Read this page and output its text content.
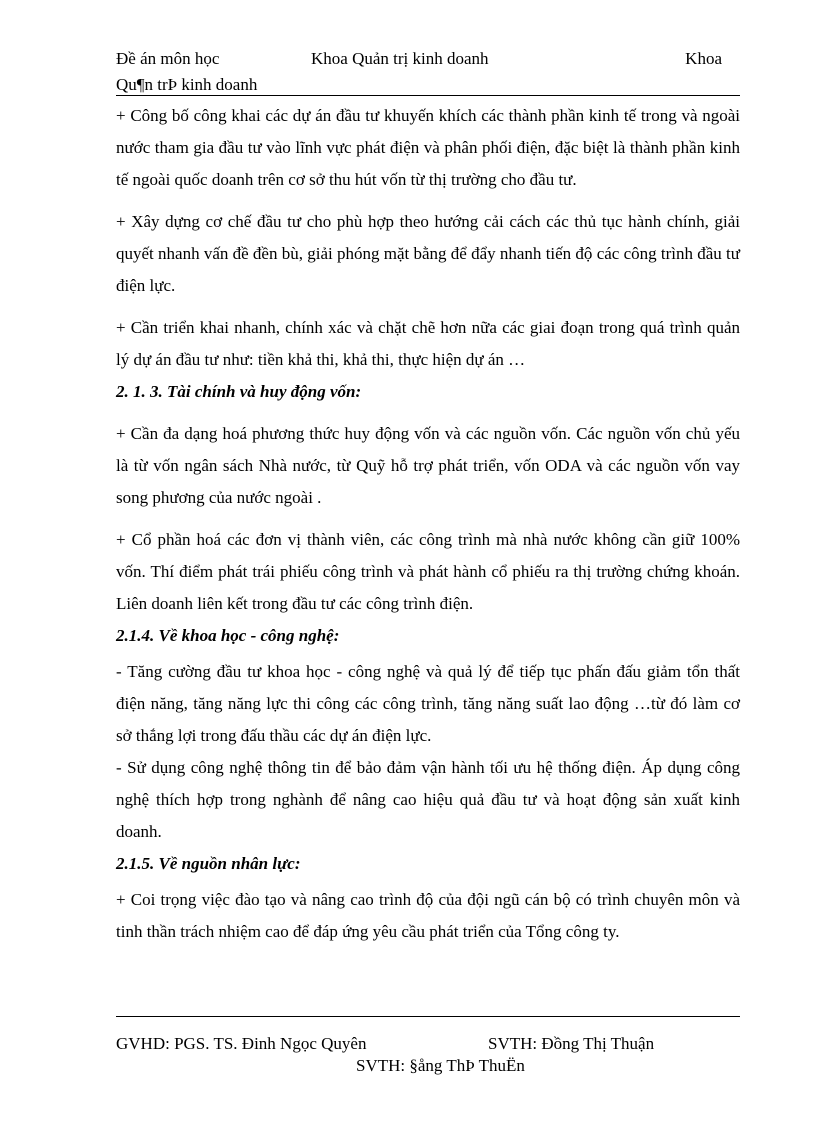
Đề án môn học	Khoa Quản trị kinh doanh	Khoa
Qu¶n trÞ kinh doanh

+ Công bố công khai các dự án đầu tư khuyến khích các thành phần kinh tế trong và ngoài nước tham gia đầu tư vào lĩnh vực phát điện và phân phối điện, đặc biệt là thành phần kinh tế ngoài quốc doanh trên cơ sở thu hút vốn từ thị trường cho đầu tư.

+ Xây dựng cơ chế đầu tư cho phù hợp theo hướng cải cách các thủ tục hành chính, giải quyết nhanh vấn đề đền bù, giải phóng mặt bằng để đẩy nhanh tiến độ các công trình đầu tư điện lực.

+ Cần triển khai nhanh, chính xác và chặt chẽ hơn nữa các giai đoạn trong quá trình quản lý dự án đầu tư như: tiền khả thi, khả thi, thực hiện dự án …

2. 1. 3. Tài chính và huy động vốn:

+ Cần đa dạng hoá phương thức huy động vốn và các nguồn vốn. Các nguồn vốn chủ yếu là từ vốn ngân sách Nhà nước, từ Quỹ hỗ trợ phát triển, vốn ODA và các nguồn vốn vay song phương của nước ngoài .

+ Cổ phần hoá các đơn vị thành viên, các công trình mà nhà nước không cần giữ 100% vốn. Thí điểm phát trái phiếu công trình và phát hành cổ phiếu ra thị trường chứng khoán. Liên doanh liên kết trong đầu tư các công trình điện.

2.1.4. Về khoa học - công nghệ:

- Tăng cường đầu tư khoa học - công nghệ và quả lý để tiếp tục phấn đấu giảm tổn thất điện năng, tăng năng lực thi công các công trình, tăng năng suất lao động …từ đó làm cơ sở thắng lợi trong đấu thầu các dự án điện lực.

- Sử dụng công nghệ thông tin để bảo đảm vận hành tối ưu hệ thống điện. Áp dụng công nghệ thích hợp trong nghành để nâng cao hiệu quả đầu tư và hoạt động sản xuất kinh doanh.

2.1.5. Về nguồn nhân lực:

+ Coi trọng việc đào tạo và nâng cao trình độ của đội ngũ cán bộ có trình chuyên môn và tinh thần trách nhiệm cao để đáp ứng yêu cầu phát triển của Tổng công ty.

GVHD: PGS. TS. Đinh Ngọc Quyên	SVTH: Đồng Thị Thuận
SVTH: §ång ThÞ ThuËn
